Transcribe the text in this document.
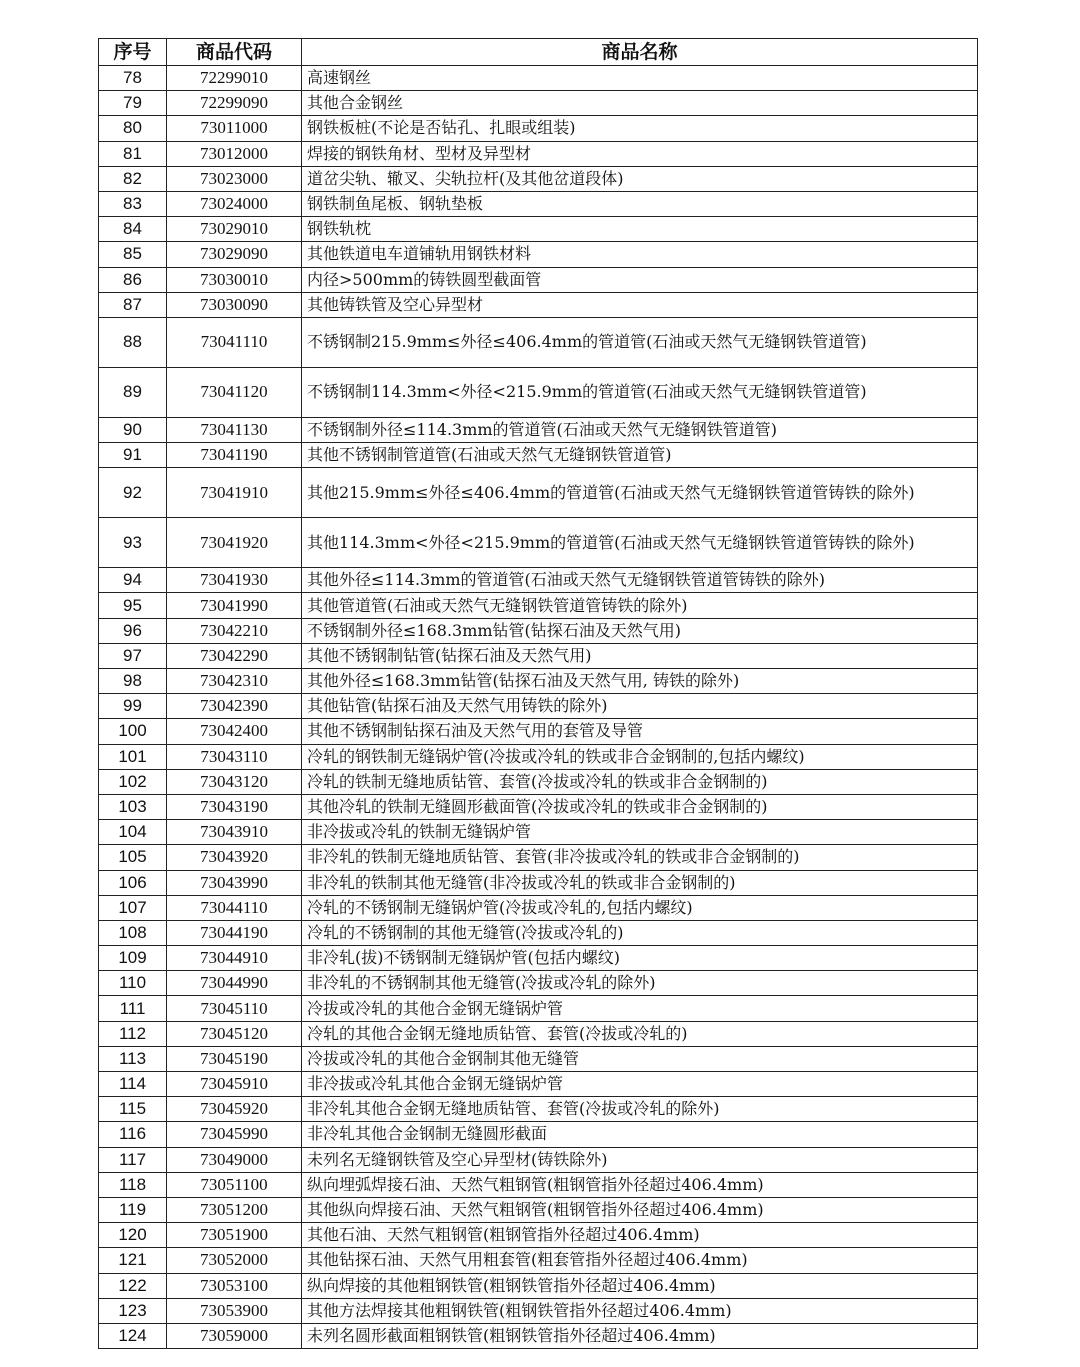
序号	商品代码	商品名称
78	72299010	高速钢丝
79	72299090	其他合金钢丝
80	73011000	钢铁板桩(不论是否钻孔、扎眼或组装)
81	73012000	焊接的钢铁角材、型材及异型材
82	73023000	道岔尖轨、辙叉、尖轨拉杆(及其他岔道段体)
83	73024000	钢铁制鱼尾板、钢轨垫板
84	73029010	钢铁轨枕
85	73029090	其他铁道电车道铺轨用钢铁材料
86	73030010	内径>500mm的铸铁圆型截面管
87	73030090	其他铸铁管及空心异型材
88	73041110	不锈钢制215.9mm≤外径≤406.4mm的管道管(石油或天然气无缝钢铁管道管)
89	73041120	不锈钢制114.3mm<外径<215.9mm的管道管(石油或天然气无缝钢铁管道管)
90	73041130	不锈钢制外径≤114.3mm的管道管(石油或天然气无缝钢铁管道管)
91	73041190	其他不锈钢制管道管(石油或天然气无缝钢铁管道管)
92	73041910	其他215.9mm≤外径≤406.4mm的管道管(石油或天然气无缝钢铁管道管铸铁的除外)
93	73041920	其他114.3mm<外径<215.9mm的管道管(石油或天然气无缝钢铁管道管铸铁的除外)
94	73041930	其他外径≤114.3mm的管道管(石油或天然气无缝钢铁管道管铸铁的除外)
95	73041990	其他管道管(石油或天然气无缝钢铁管道管铸铁的除外)
96	73042210	不锈钢制外径≤168.3mm钻管(钻探石油及天然气用)
97	73042290	其他不锈钢制钻管(钻探石油及天然气用)
98	73042310	其他外径≤168.3mm钻管(钻探石油及天然气用, 铸铁的除外)
99	73042390	其他钻管(钻探石油及天然气用铸铁的除外)
100	73042400	其他不锈钢制钻探石油及天然气用的套管及导管
101	73043110	冷轧的钢铁制无缝锅炉管(冷拔或冷轧的铁或非合金钢制的,包括内螺纹)
102	73043120	冷轧的铁制无缝地质钻管、套管(冷拔或冷轧的铁或非合金钢制的)
103	73043190	其他冷轧的铁制无缝圆形截面管(冷拔或冷轧的铁或非合金钢制的)
104	73043910	非冷拔或冷轧的铁制无缝锅炉管
105	73043920	非冷轧的铁制无缝地质钻管、套管(非冷拔或冷轧的铁或非合金钢制的)
106	73043990	非冷轧的铁制其他无缝管(非冷拔或冷轧的铁或非合金钢制的)
107	73044110	冷轧的不锈钢制无缝锅炉管(冷拔或冷轧的,包括内螺纹)
108	73044190	冷轧的不锈钢制的其他无缝管(冷拔或冷轧的)
109	73044910	非冷轧(拔)不锈钢制无缝锅炉管(包括内螺纹)
110	73044990	非冷轧的不锈钢制其他无缝管(冷拔或冷轧的除外)
111	73045110	冷拔或冷轧的其他合金钢无缝锅炉管
112	73045120	冷轧的其他合金钢无缝地质钻管、套管(冷拔或冷轧的)
113	73045190	冷拔或冷轧的其他合金钢制其他无缝管
114	73045910	非冷拔或冷轧其他合金钢无缝锅炉管
115	73045920	非冷轧其他合金钢无缝地质钻管、套管(冷拔或冷轧的除外)
116	73045990	非冷轧其他合金钢制无缝圆形截面
117	73049000	未列名无缝钢铁管及空心异型材(铸铁除外)
118	73051100	纵向埋弧焊接石油、天然气粗钢管(粗钢管指外径超过406.4mm)
119	73051200	其他纵向焊接石油、天然气粗钢管(粗钢管指外径超过406.4mm)
120	73051900	其他石油、天然气粗钢管(粗钢管指外径超过406.4mm)
121	73052000	其他钻探石油、天然气用粗套管(粗套管指外径超过406.4mm)
122	73053100	纵向焊接的其他粗钢铁管(粗钢铁管指外径超过406.4mm)
123	73053900	其他方法焊接其他粗钢铁管(粗钢铁管指外径超过406.4mm)
124	73059000	未列名圆形截面粗钢铁管(粗钢铁管指外径超过406.4mm)
